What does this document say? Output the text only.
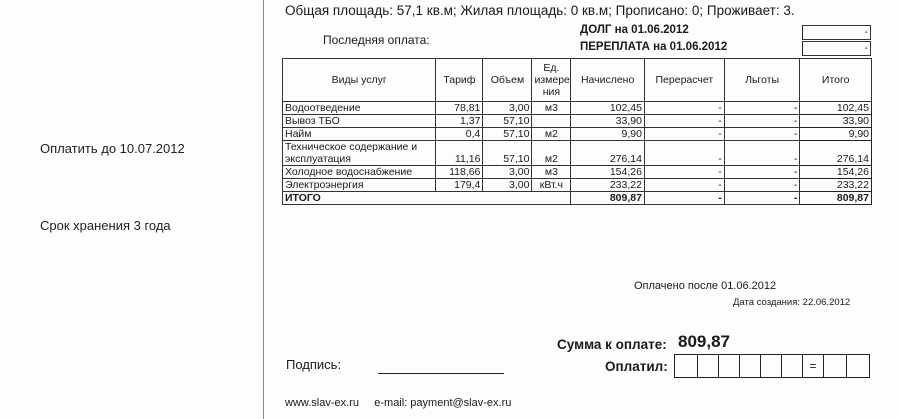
Оплатить до 10.07.2012
Срок хранения 3 года
Общая площадь: 57,1 кв.м; Жилая площадь: 0 кв.м; Прописано: 0; Проживает: 3.
Последняя оплата:
ДОЛГ на 01.06.2012	-
ПЕРЕПЛАТА на 01.06.2012	-
Виды услуг	Тариф	Объем	Ед. измере ния	Начислено	Перерасчет	Льготы	Итого
Водоотведение	78,81	3,00	м3	102,45	-	-	102,45
Вывоз ТБО	1,37	57,10		33,90	-	-	33,90
Найм	0,4	57,10	м2	9,90	-	-	9,90
Техническое содержание и эксплуатация	11,16	57,10	м2	276,14	-	-	276,14
Холодное водоснабжение	118,66	3,00	м3	154,26	-	-	154,26
Электроэнергия	179,4	3,00	кВт.ч	233,22	-	-	233,22
ИТОГО				809,87	-	-	809,87
Оплачено после 01.06.2012
Дата создания: 22.06.2012
Сумма к оплате: 809,87
Подпись:	Оплатил:	=
www.slav-ex.ru e-mail: payment@slav-ex.ru
